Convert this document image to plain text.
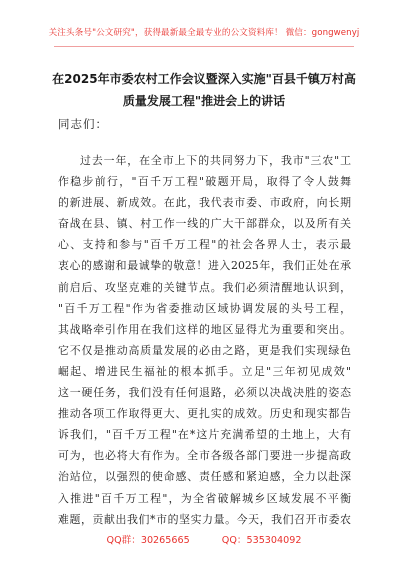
关注头条号"公文研究"，获得最新最全最专业的公文资料库！ 微信：gongwenyj
在2025年市委农村工作会议暨深入实施"百县千镇万村高
质量发展工程"推进会上的讲话
同志们：
过去一年，在全市上下的共同努力下，我市"三农"工
作稳步前行，"百千万工程"破题开局，取得了令人鼓舞
的新进展、新成效。在此，我代表市委、市政府，向长期
奋战在县、镇、村工作一线的广大干部群众，以及所有关
心、支持和参与"百千万工程"的社会各界人士，表示最
衷心的感谢和最诚挚的敬意！进入2025年，我们正处在承
前启后、攻坚克难的关键节点。我们必须清醒地认识到，
"百千万工程"作为省委推动区域协调发展的头号工程，
其战略牵引作用在我们这样的地区显得尤为重要和突出。
它不仅是推动高质量发展的必由之路，更是我们实现绿色
崛起、增进民生福祉的根本抓手。立足"三年初见成效"
这一硬任务，我们没有任何退路，必须以决战决胜的姿态
推动各项工作取得更大、更扎实的成效。历史和现实都告
诉我们，"百千万工程"在*这片充满希望的土地上，大有
可为，也必将大有作为。全市各级各部门要进一步提高政
治站位，以强烈的使命感、责任感和紧迫感，全力以赴深
入推进"百千万工程"，为全省破解城乡区域发展不平衡
难题，贡献出我们*市的坚实力量。今天，我们召开市委农
QQ群：30265665	QQ：535304092
